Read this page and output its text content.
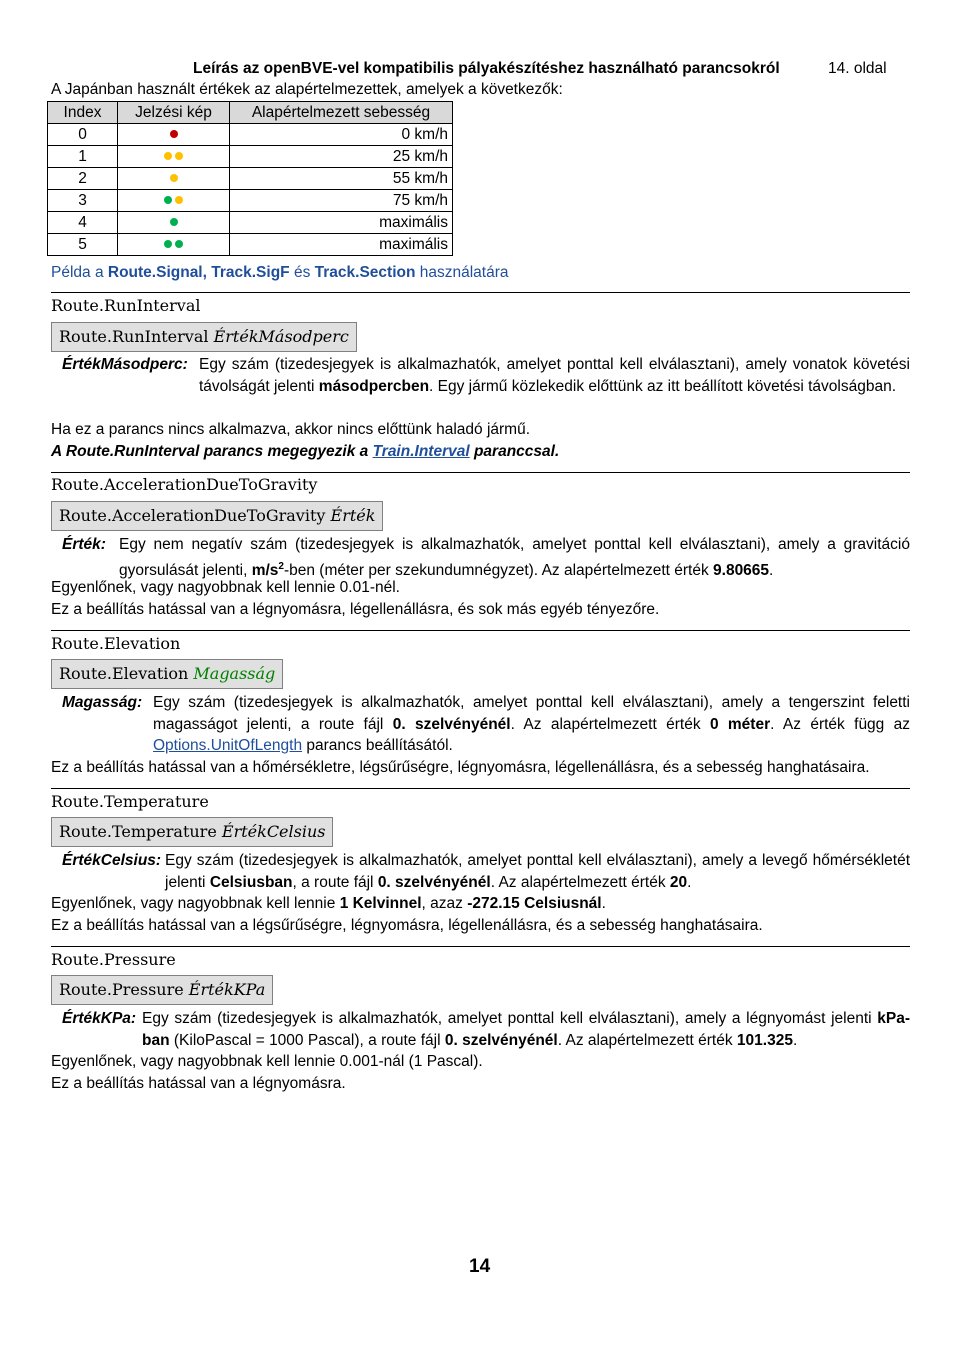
Leírás az openBVE-vel kompatibilis pályakészítéshez használható parancsokról	14. oldal
A Japánban használt értékek az alapértelmezettek, amelyek a következők:
Index	Jelzési kép	Alapértelmezett sebesség
0		0 km/h
1		25 km/h
2		55 km/h
3		75 km/h
4		maximális
5		maximális
Példa a Route.Signal, Track.SigF és Track.Section használatára
Route.RunInterval
Route.RunInterval ÉrtékMásodperc
ÉrtékMásodperc: Egy szám (tizedesjegyek is alkalmazhatók, amelyet ponttal kell elválasztani), amely vonatok követési távolságát jelenti másodpercben. Egy jármű közlekedik előttünk az itt beállított követési távolságban.
Ha ez a parancs nincs alkalmazva, akkor nincs előttünk haladó jármű.
A Route.RunInterval parancs megegyezik a Train.Interval paranccsal.
Route.AccelerationDueToGravity
Route.AccelerationDueToGravity Érték
Érték: Egy nem negatív szám (tizedesjegyek is alkalmazhatók, amelyet ponttal kell elválasztani), amely a gravitáció gyorsulását jelenti, $m/s^2$-ben (méter per szekundumnégyzet). Az alapértelmezett érték 9.80665.
Egyenlőnek, vagy nagyobbnak kell lennie 0.01-nél.
Ez a beállítás hatással van a légnyomásra, légellenállásra, és sok más egyéb tényezőre.
Route.Elevation
Route.Elevation Magasság
Magasság: Egy szám (tizedesjegyek is alkalmazhatók, amelyet ponttal kell elválasztani), amely a tengerszint feletti magasságot jelenti, a route fájl 0. szelvényénél. Az alapértelmezett érték 0 méter. Az érték függ az Options.UnitOfLength parancs beállításától.
Ez a beállítás hatással van a hőmérsékletre, légsűrűségre, légnyomásra, légellenállásra, és a sebesség hanghatásaira.
Route.Temperature
Route.Temperature ÉrtékCelsius
ÉrtékCelsius: Egy szám (tizedesjegyek is alkalmazhatók, amelyet ponttal kell elválasztani), amely a levegő hőmérsékletét jelenti Celsiusban, a route fájl 0. szelvényénél. Az alapértelmezett érték 20.
Egyenlőnek, vagy nagyobbnak kell lennie 1 Kelvinnel, azaz -272.15 Celsiusnál.
Ez a beállítás hatással van a légsűrűségre, légnyomásra, légellenállásra, és a sebesség hanghatásaira.
Route.Pressure
Route.Pressure ÉrtékKPa
ÉrtékKPa: Egy szám (tizedesjegyek is alkalmazhatók, amelyet ponttal kell elválasztani), amely a légnyomást jelenti kPa-ban (KiloPascal = 1000 Pascal), a route fájl 0. szelvényénél. Az alapértelmezett érték 101.325.
Egyenlőnek, vagy nagyobbnak kell lennie 0.001-nál (1 Pascal).
Ez a beállítás hatással van a légnyomásra.
14
